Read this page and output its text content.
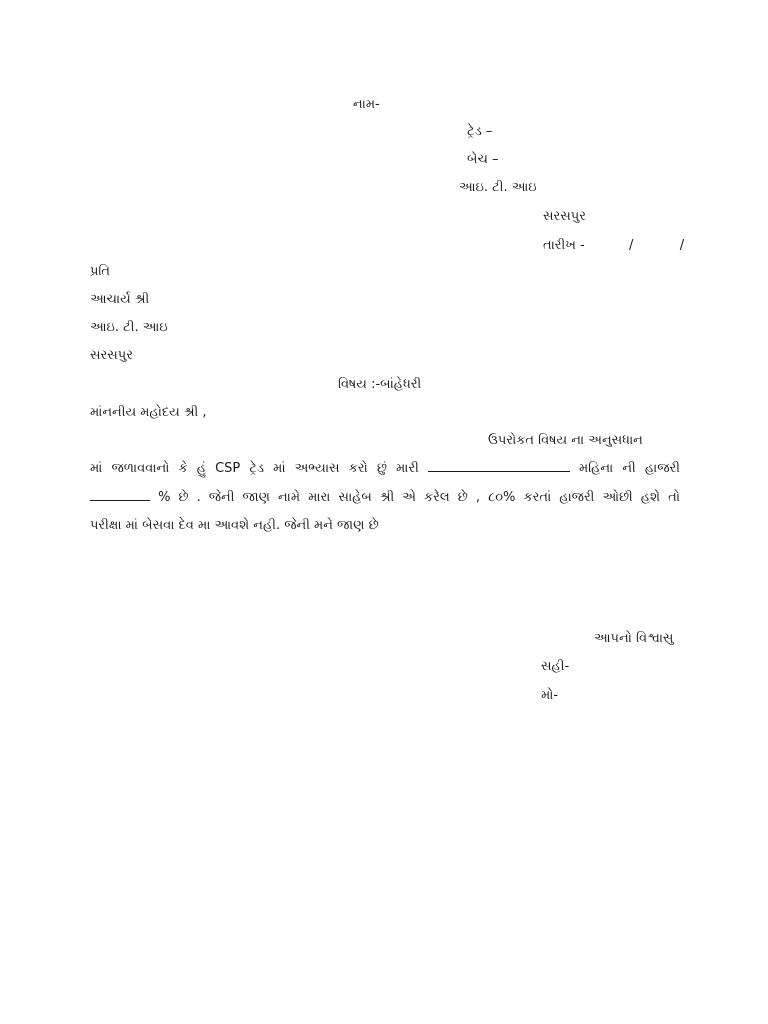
નામ-
ટ્રેડ –
બેચ –
આઇ. ટી. આઇ
સરસપુર
તારીખ -	/	/
પ્રતિ
આચાર્ય શ્રી
આઇ. ટી. આઇ
સરસપુર
વિષય :-બાંહેધરી
માંનનીય મહોદય શ્રી ,
ઉપરોકત વિષય ના અનુસધાન
માં જળાવવાનો કે હું CSP ટ્રેડ માં અભ્યાસ કરો છું મારી	મહિના ની હાજરી
% છે . જેની જાણ નામે મારા સાહેબ શ્રી એ કરેલ છે , ૮૦% કરતાં હાજરી ઓછી હશે તો
પરીક્ષા માં બેસવા દેવ મા આવશે નહી. જેની મને જાણ છે
આપનો વિશ્વાસુ
સહી-
મો-
